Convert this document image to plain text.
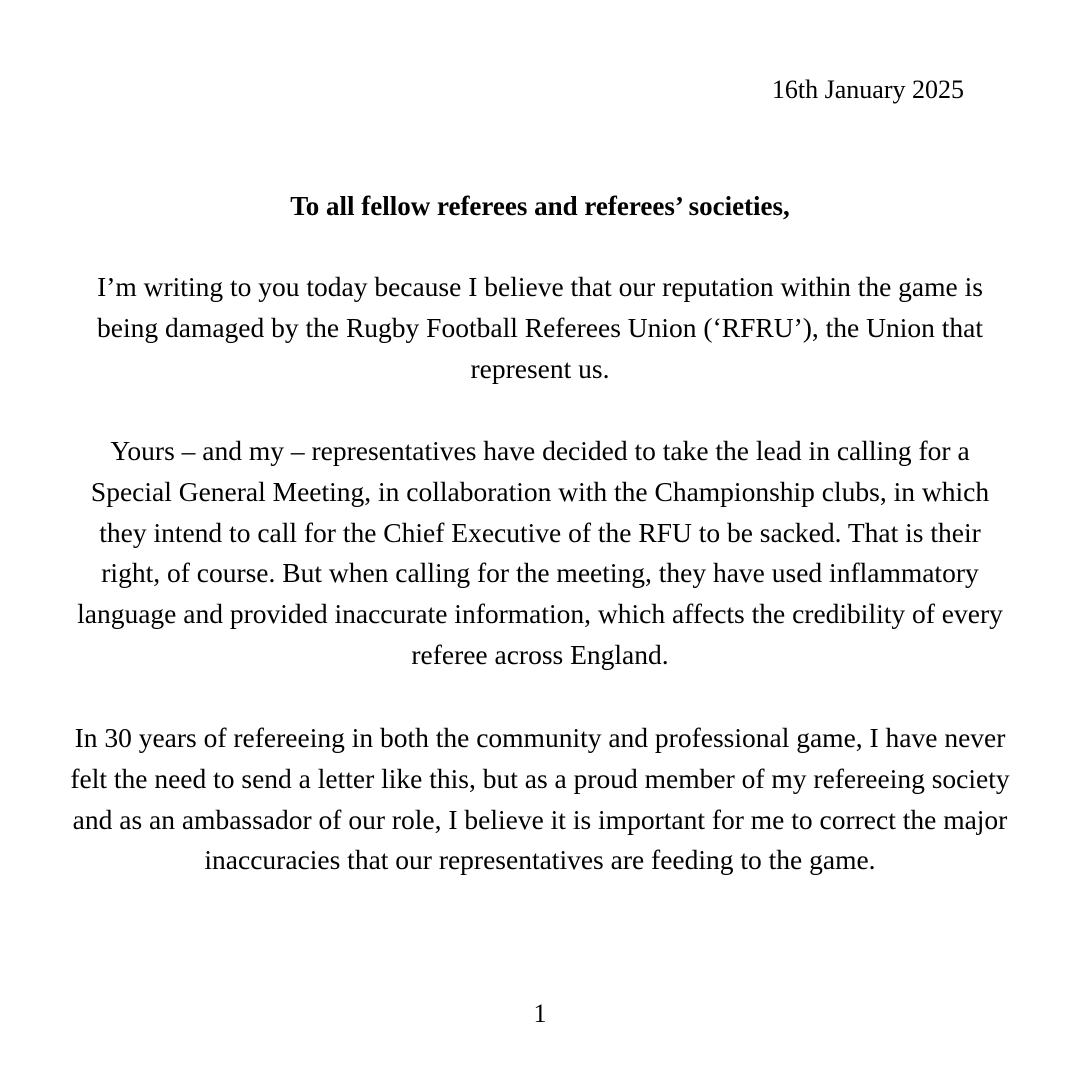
16th January 2025
To all fellow referees and referees’ societies,

I’m writing to you today because I believe that our reputation within the game is being damaged by the Rugby Football Referees Union (‘RFRU’), the Union that represent us.

Yours – and my – representatives have decided to take the lead in calling for a Special General Meeting, in collaboration with the Championship clubs, in which they intend to call for the Chief Executive of the RFU to be sacked. That is their right, of course. But when calling for the meeting, they have used inflammatory language and provided inaccurate information, which affects the credibility of every referee across England.

In 30 years of refereeing in both the community and professional game, I have never felt the need to send a letter like this, but as a proud member of my refereeing society and as an ambassador of our role, I believe it is important for me to correct the major inaccuracies that our representatives are feeding to the game.

1
